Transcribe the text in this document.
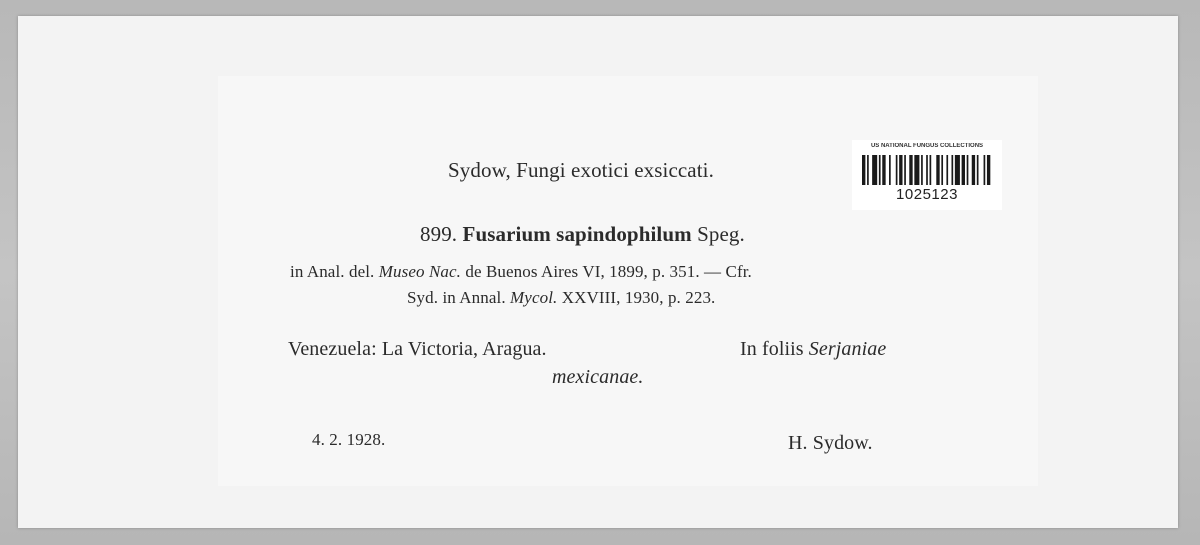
Sydow, Fungi exotici exsiccati.
899. Fusarium sapindophilum Speg.
in Anal. del. Museo Nac. de Buenos Aires VI, 1899, p. 351. — Cfr.
Syd. in Annal. Mycol. XXVIII, 1930, p. 223.
Venezuela: La Victoria, Aragua.	In foliis Serjaniae
mexicanae.
4. 2. 1928.	H. Sydow.
US NATIONAL FUNGUS COLLECTIONS
1025123
